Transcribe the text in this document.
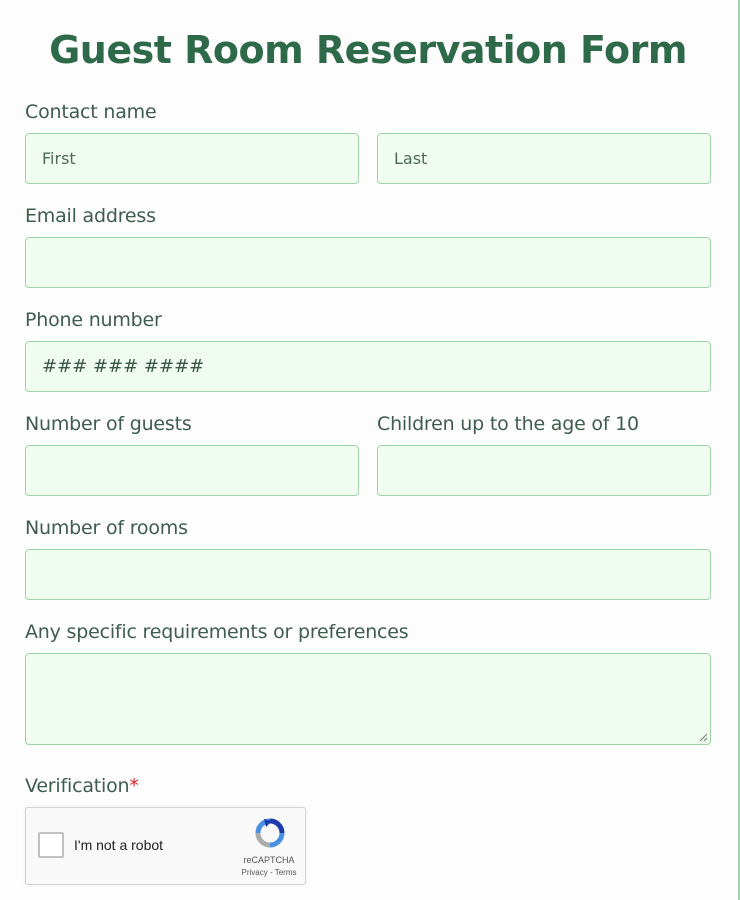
Guest Room Reservation Form
Contact name
First
Last
Email address
Phone number
### ### ####
Number of guests	Children up to the age of 10
Number of rooms
Any specific requirements or preferences
Verification*
I'm not a robot
reCAPTCHA
Privacy - Terms
